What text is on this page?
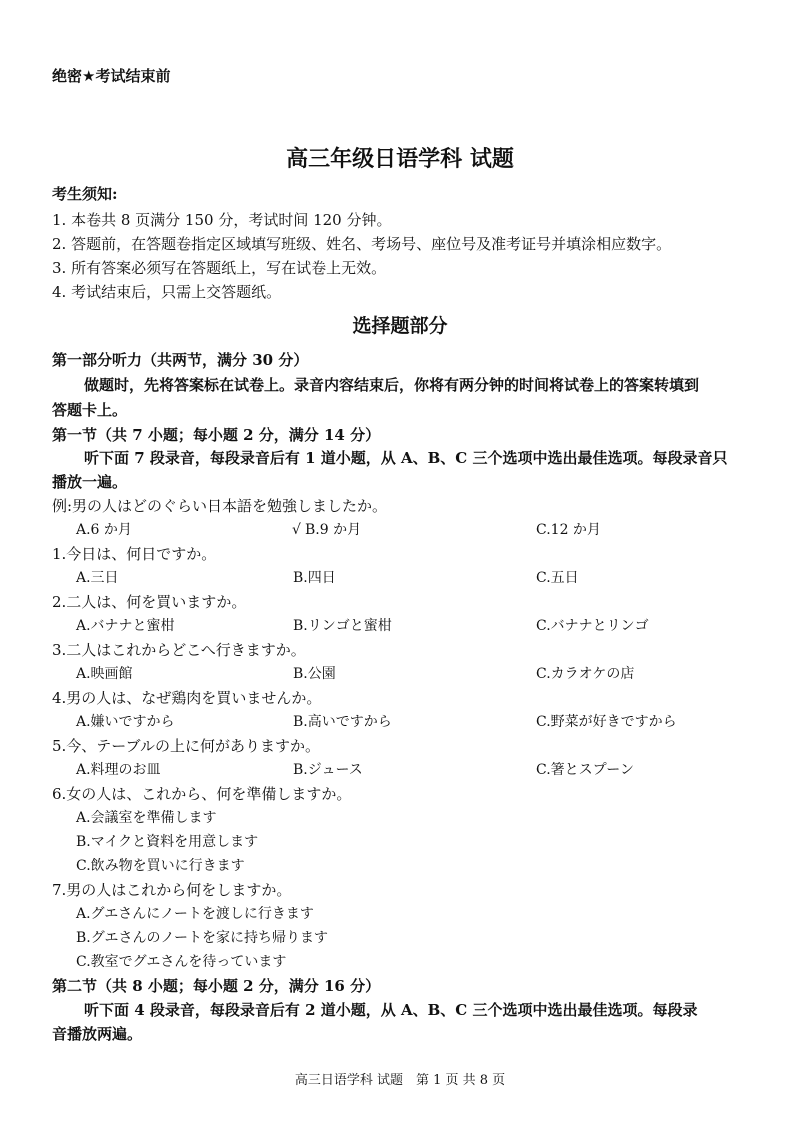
绝密★考试结束前
高三年级日语学科 试题
考生须知:
1. 本卷共 8 页满分 150 分，考试时间 120 分钟。
2. 答题前，在答题卷指定区域填写班级、姓名、考场号、座位号及准考证号并填涂相应数字。
3. 所有答案必须写在答题纸上，写在试卷上无效。
4. 考试结束后，只需上交答题纸。
选择题部分
第一部分听力（共两节，满分 30 分）
做题时，先将答案标在试卷上。录音内容结束后，你将有两分钟的时间将试卷上的答案转填到
答题卡上。
第一节（共 7 小题；每小题 2 分，满分 14 分）
听下面 7 段录音，每段录音后有 1 道小题，从 A、B、C 三个选项中选出最佳选项。每段录音只
播放一遍。
例:男の人はどのぐらい日本語を勉強しましたか。
A.6 か月	√ B.9 か月	C.12 か月
1.今日は、何日ですか。
A.三日	B.四日	C.五日
2.二人は、何を買いますか。
A.バナナと蜜柑	B.リンゴと蜜柑	C.バナナとリンゴ
3.二人はこれからどこへ行きますか。
A.映画館	B.公園	C.カラオケの店
4.男の人は、なぜ鶏肉を買いませんか。
A.嫌いですから	B.高いですから	C.野菜が好きですから
5.今、テーブルの上に何がありますか。
A.料理のお皿	B.ジュース	C.箸とスプーン
6.女の人は、これから、何を準備しますか。
A.会議室を準備します
B.マイクと資料を用意します
C.飲み物を買いに行きます
7.男の人はこれから何をしますか。
A.グエさんにノートを渡しに行きます
B.グエさんのノートを家に持ち帰ります
C.教室でグエさんを待っています
第二节（共 8 小题；每小题 2 分，满分 16 分）
听下面 4 段录音，每段录音后有 2 道小题，从 A、B、C 三个选项中选出最佳选项。每段录
音播放两遍。
高三日语学科 试题　第 1 页 共 8 页
